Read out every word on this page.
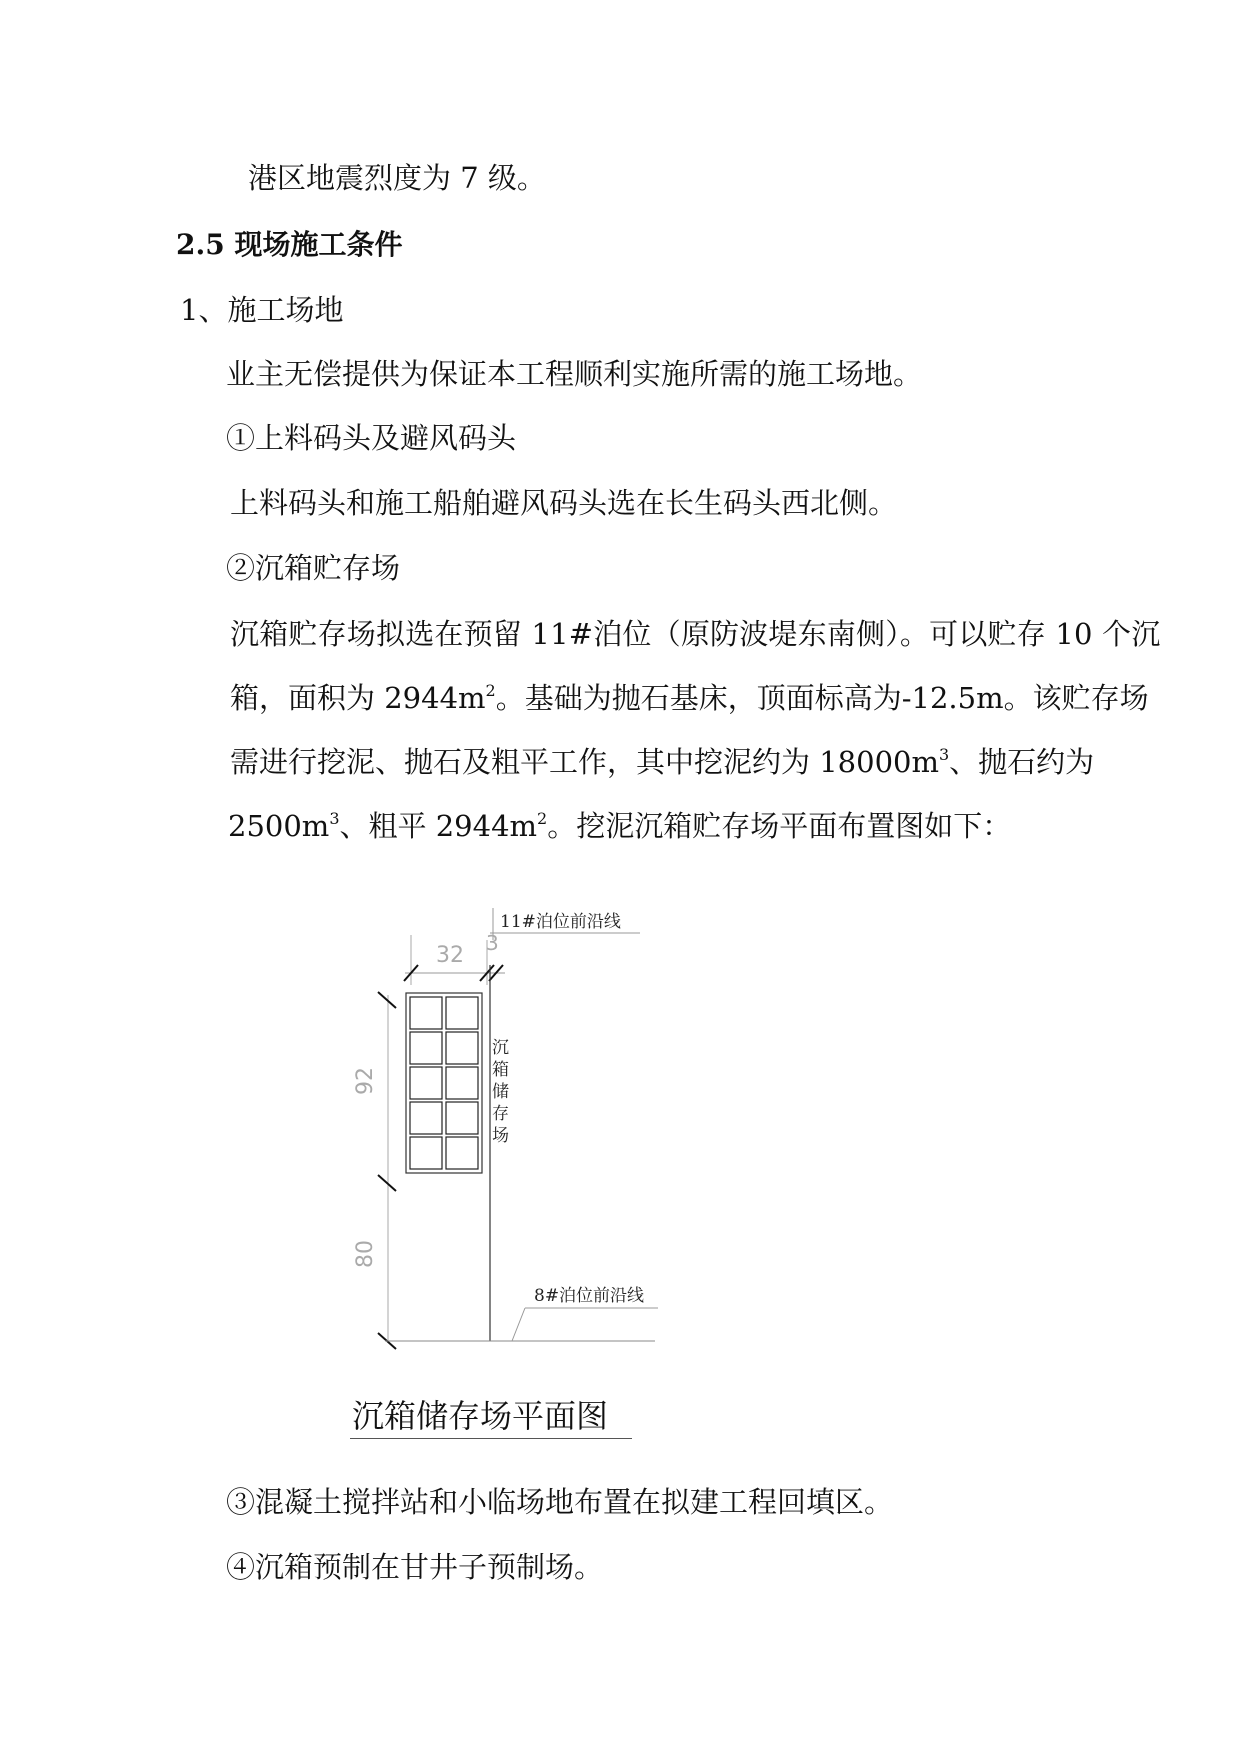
港区地震烈度为 7 级。
2.5 现场施工条件
1、施工场地
业主无偿提供为保证本工程顺利实施所需的施工场地。
①上料码头及避风码头
上料码头和施工船舶避风码头选在长生码头西北侧。
②沉箱贮存场
沉箱贮存场拟选在预留 11#泊位（原防波堤东南侧）。可以贮存 10 个沉
箱，面积为 $2944m^2$。基础为抛石基床，顶面标高为-12.5m。该贮存场
需进行挖泥、抛石及粗平工作，其中挖泥约为 $18000m^3$、抛石约为
$2500m^3$、粗平 $2944m^2$。挖泥沉箱贮存场平面布置图如下：
11#泊位前沿线
32 3
92
80
沉
箱
储
存
场
8#泊位前沿线
沉箱储存场平面图
③混凝土搅拌站和小临场地布置在拟建工程回填区。
④沉箱预制在甘井子预制场。
